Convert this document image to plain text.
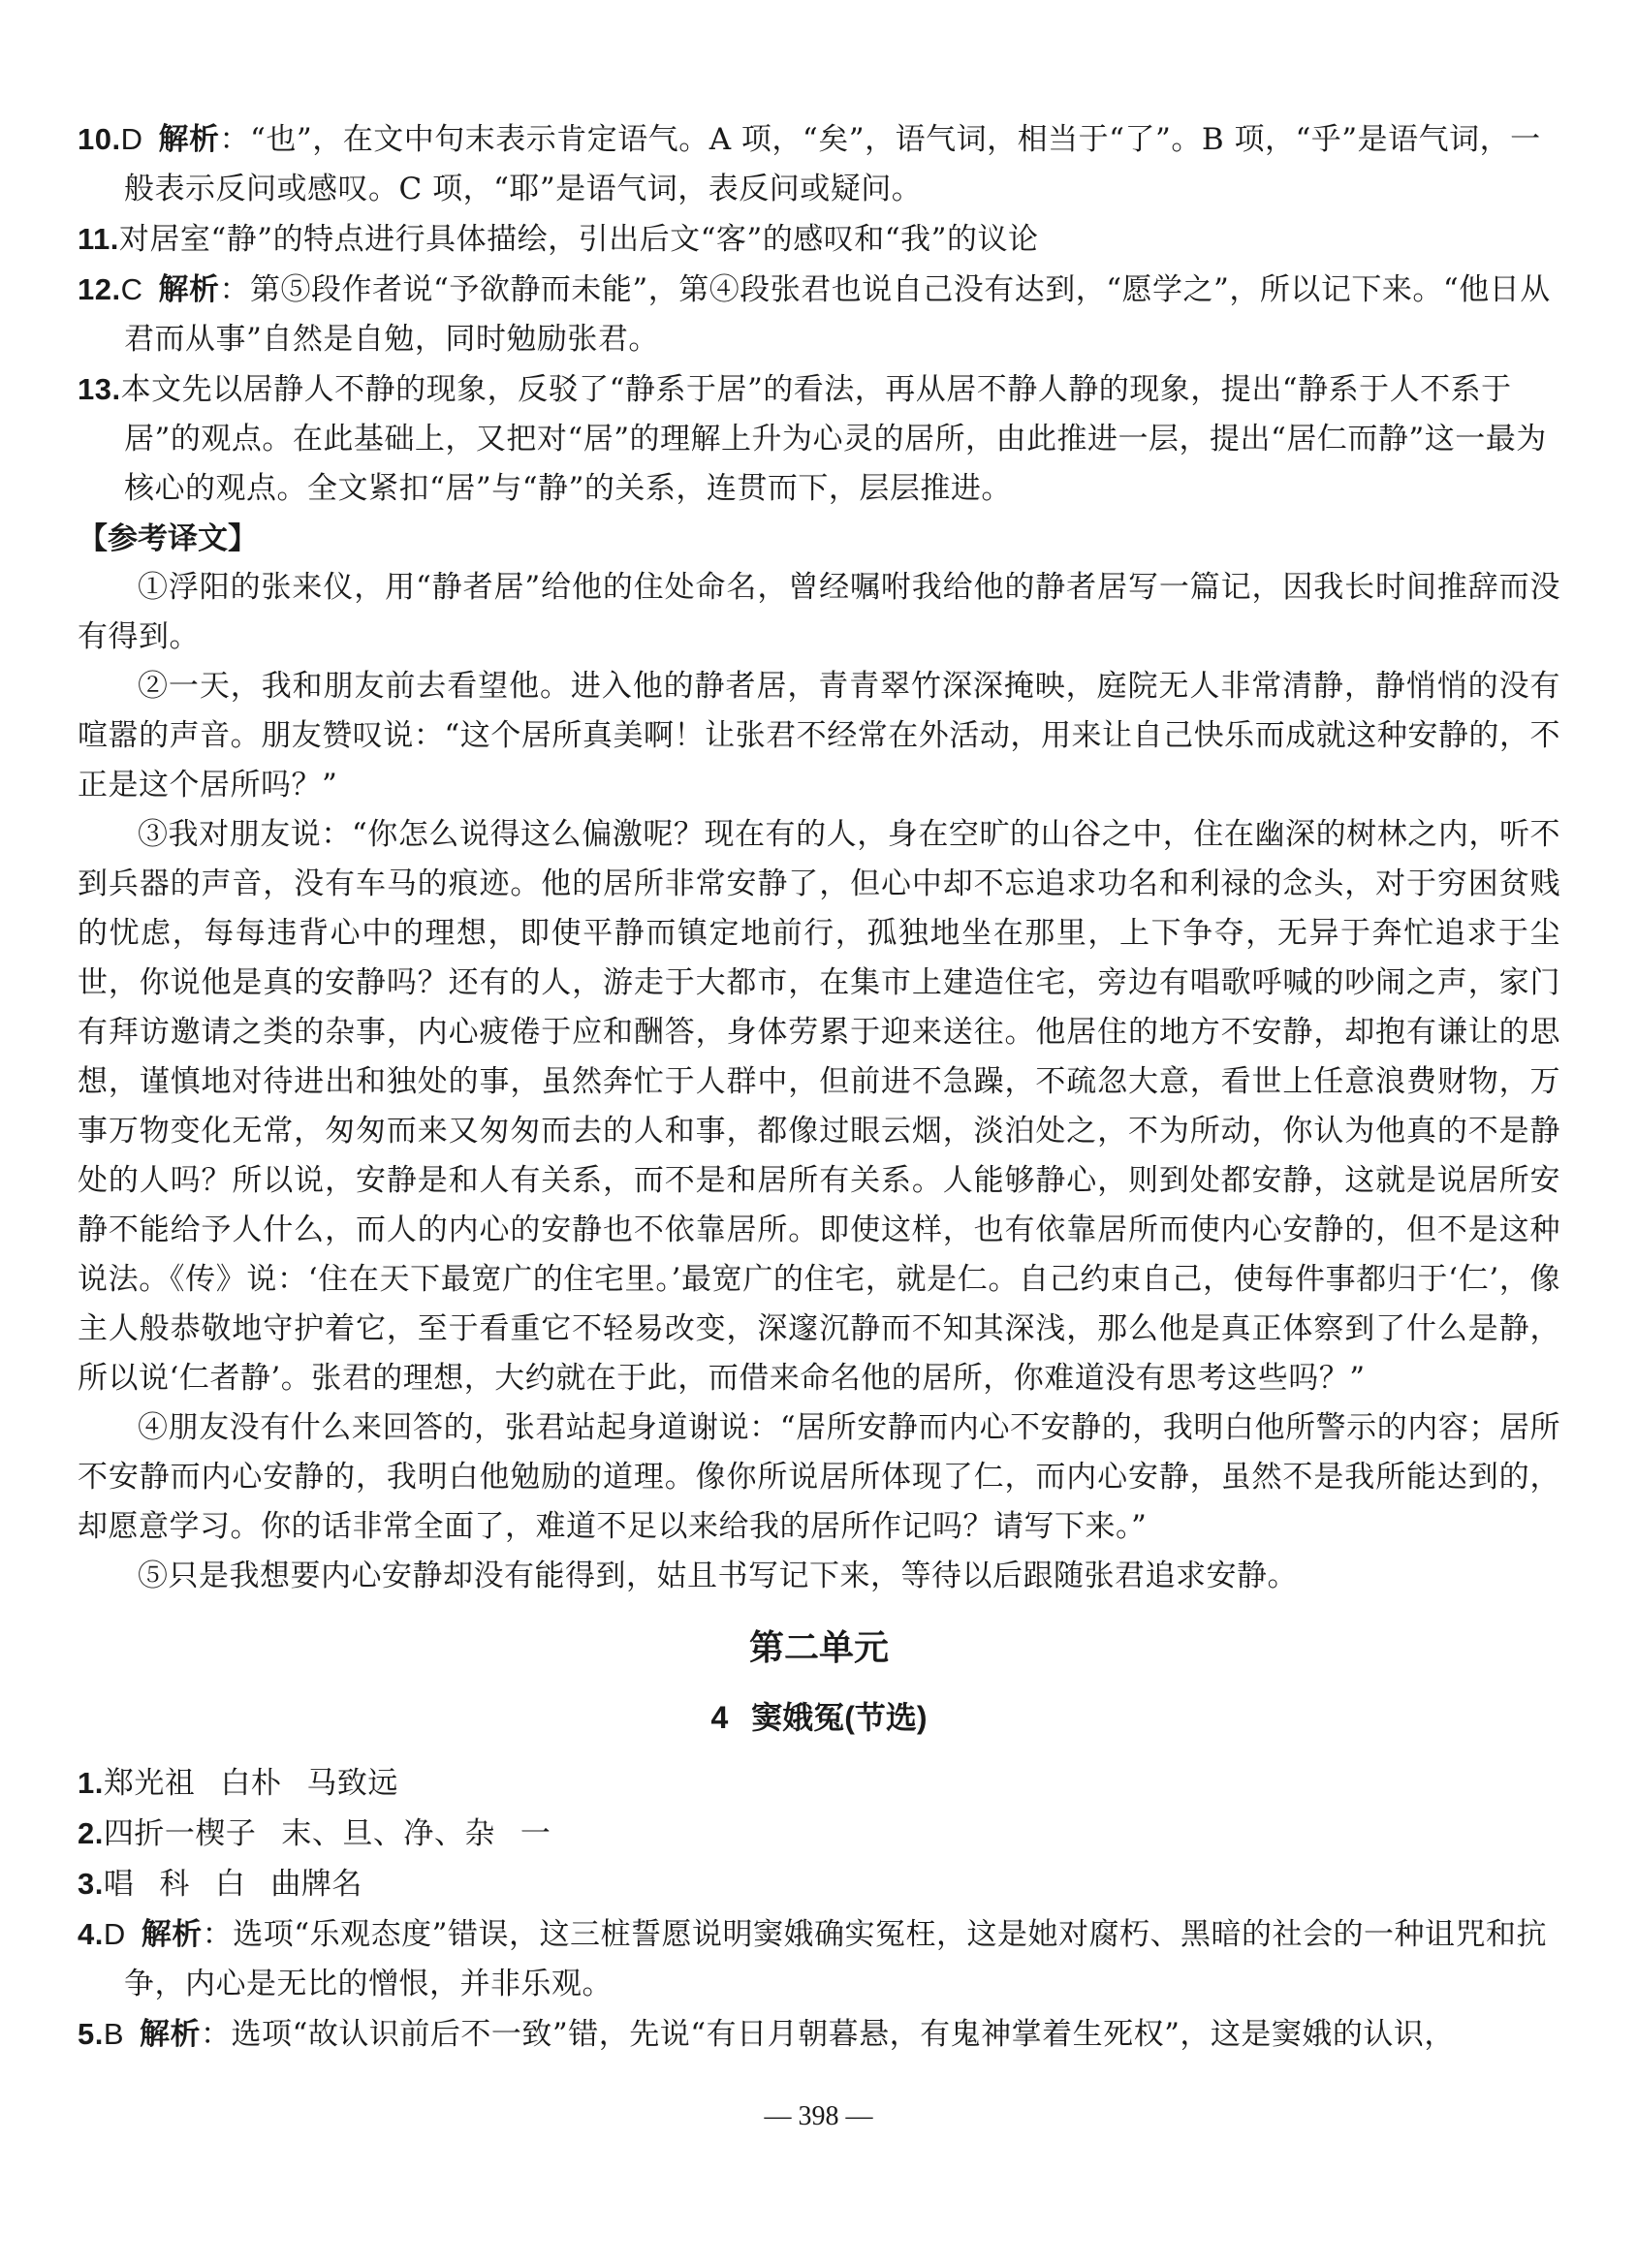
10.D 解析：“也”，在文中句末表示肯定语气。A 项，“矣”，语气词，相当于“了”。B 项，“乎”是语气词，一般表示反问或感叹。C 项，“耶”是语气词，表反问或疑问。

11.对居室“静”的特点进行具体描绘，引出后文“客”的感叹和“我”的议论

12.C 解析：第⑤段作者说“予欲静而未能”，第④段张君也说自己没有达到，“愿学之”，所以记下来。“他日从君而从事”自然是自勉，同时勉励张君。

13.本文先以居静人不静的现象，反驳了“静系于居”的看法，再从居不静人静的现象，提出“静系于人不系于居”的观点。在此基础上，又把对“居”的理解上升为心灵的居所，由此推进一层，提出“居仁而静”这一最为核心的观点。全文紧扣“居”与“静”的关系，连贯而下，层层推进。

【参考译文】

①浮阳的张来仪，用“静者居”给他的住处命名，曾经嘱咐我给他的静者居写一篇记，因我长时间推辞而没有得到。

②一天，我和朋友前去看望他。进入他的静者居，青青翠竹深深掩映，庭院无人非常清静，静悄悄的没有喧嚣的声音。朋友赞叹说：“这个居所真美啊！让张君不经常在外活动，用来让自己快乐而成就这种安静的，不正是这个居所吗？”

③我对朋友说：“你怎么说得这么偏激呢？现在有的人，身在空旷的山谷之中，住在幽深的树林之内，听不到兵器的声音，没有车马的痕迹。他的居所非常安静了，但心中却不忘追求功名和利禄的念头，对于穷困贫贱的忧虑，每每违背心中的理想，即使平静而镇定地前行，孤独地坐在那里，上下争夺，无异于奔忙追求于尘世，你说他是真的安静吗？还有的人，游走于大都市，在集市上建造住宅，旁边有唱歌呼喊的吵闹之声，家门有拜访邀请之类的杂事，内心疲倦于应和酬答，身体劳累于迎来送往。他居住的地方不安静，却抱有谦让的思想，谨慎地对待进出和独处的事，虽然奔忙于人群中，但前进不急躁，不疏忽大意，看世上任意浪费财物，万事万物变化无常，匆匆而来又匆匆而去的人和事，都像过眼云烟，淡泊处之，不为所动，你认为他真的不是静处的人吗？所以说，安静是和人有关系，而不是和居所有关系。人能够静心，则到处都安静，这就是说居所安静不能给予人什么，而人的内心的安静也不依靠居所。即使这样，也有依靠居所而使内心安静的，但不是这种说法。《传》说：‘住在天下最宽广的住宅里。’最宽广的住宅，就是仁。自己约束自己，使每件事都归于‘仁’，像主人般恭敬地守护着它，至于看重它不轻易改变，深邃沉静而不知其深浅，那么他是真正体察到了什么是静，所以说‘仁者静’。张君的理想，大约就在于此，而借来命名他的居所，你难道没有思考这些吗？”

④朋友没有什么来回答的，张君站起身道谢说：“居所安静而内心不安静的，我明白他所警示的内容；居所不安静而内心安静的，我明白他勉励的道理。像你所说居所体现了仁，而内心安静，虽然不是我所能达到的，却愿意学习。你的话非常全面了，难道不足以来给我的居所作记吗？请写下来。”

⑤只是我想要内心安静却没有能得到，姑且书写记下来，等待以后跟随张君追求安静。

第二单元
4 窦娥冤(节选)

1.郑光祖 白朴 马致远

2.四折一楔子 末、旦、净、杂 一

3.唱 科 白 曲牌名

4.D 解析：选项“乐观态度”错误，这三桩誓愿说明窦娥确实冤枉，这是她对腐朽、黑暗的社会的一种诅咒和抗争，内心是无比的憎恨，并非乐观。

5.B 解析：选项“故认识前后不一致”错，先说“有日月朝暮悬，有鬼神掌着生死权”，这是窦娥的认识，

— 398 —
